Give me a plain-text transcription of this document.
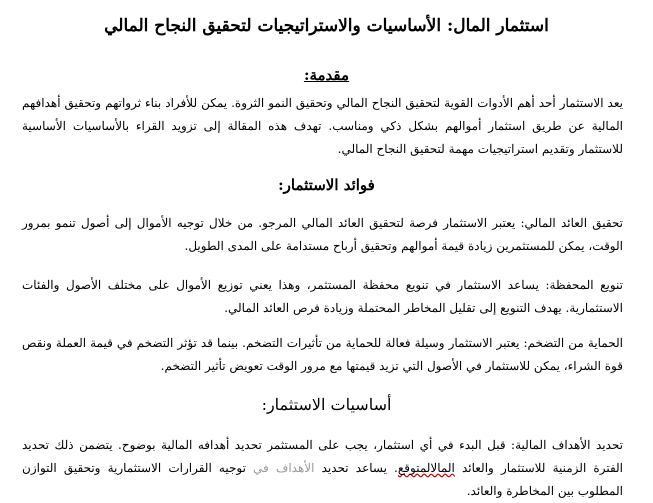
استثمار المال: الأساسيات والاستراتيجيات لتحقيق النجاح المالي
مقدمة:
يعد الاستثمار أحد أهم الأدوات القوية لتحقيق النجاح المالي وتحقيق النمو الثروة. يمكن للأفراد بناء ثرواتهم وتحقيق أهدافهم المالية عن طريق استثمار أموالهم بشكل ذكي ومناسب. تهدف هذه المقالة إلى تزويد القراء بالأساسيات الأساسية للاستثمار وتقديم استراتيجيات مهمة لتحقيق النجاح المالي.
فوائد الاستثمار:
تحقيق العائد المالي: يعتبر الاستثمار فرصة لتحقيق العائد المالي المرجو. من خلال توجيه الأموال إلى أصول تنمو بمرور الوقت، يمكن للمستثمرين زيادة قيمة أموالهم وتحقيق أرباح مستدامة على المدى الطويل.
تنويع المحفظة: يساعد الاستثمار في تنويع محفظة المستثمر، وهذا يعني توزيع الأموال على مختلف الأصول والفئات الاستثمارية. يهدف التنويع إلى تقليل المخاطر المحتملة وزيادة فرص العائد المالي.
الحماية من التضخم: يعتبر الاستثمار وسيلة فعالة للحماية من تأثيرات التضخم. بينما قد تؤثر التضخم في قيمة العملة ونقص قوة الشراء، يمكن للاستثمار في الأصول التي تزيد قيمتها مع مرور الوقت تعويض تأثير التضخم.
أساسيات الاستثمار:
تحديد الأهداف المالية: قبل البدء في أي استثمار، يجب على المستثمر تحديد أهدافه المالية بوضوح. يتضمن ذلك تحديد الفترة الزمنية للاستثمار والعائد المالالمتوقع. يساعد تحديد الأهداف في توجيه القرارات الاستثمارية وتحقيق التوازن المطلوب بين المخاطرة والعائد.
